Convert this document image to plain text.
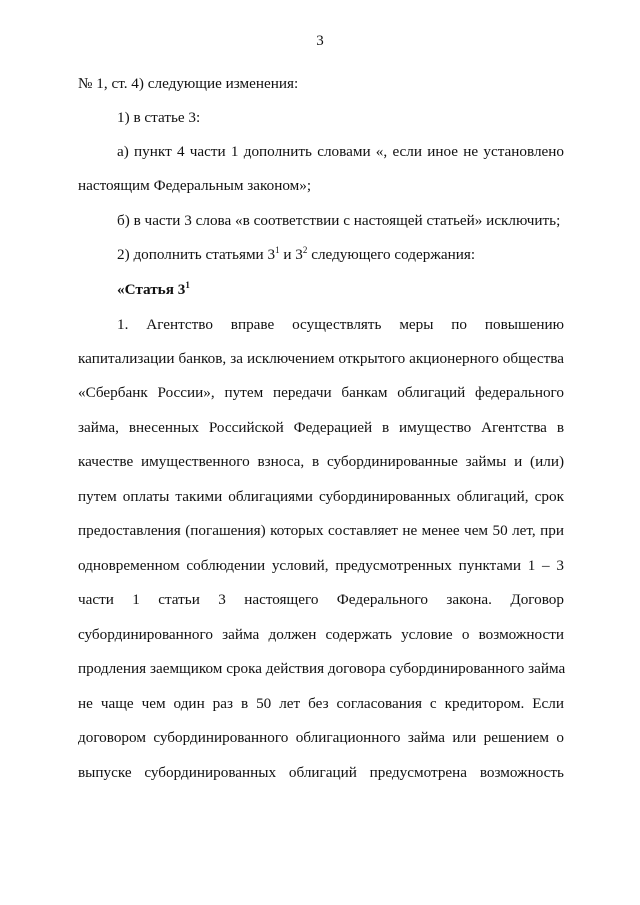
3
№ 1, ст. 4) следующие изменения:
1) в статье 3:
а) пункт 4 части 1 дополнить словами «, если иное не установлено
настоящим Федеральным законом»;
б) в части 3 слова «в соответствии с настоящей статьей» исключить;
2) дополнить статьями $3^1$ и $3^2$ следующего содержания:
«Статья $3^1$
1. Агентство вправе осуществлять меры по повышению
капитализации банков, за исключением открытого акционерного общества
«Сбербанк России», путем передачи банкам облигаций федерального
займа, внесенных Российской Федерацией в имущество Агентства в
качестве имущественного взноса, в субординированные займы и (или)
путем оплаты такими облигациями субординированных облигаций, срок
предоставления (погашения) которых составляет не менее чем 50 лет, при
одновременном соблюдении условий, предусмотренных пунктами 1 – 3
части 1 статьи 3 настоящего Федерального закона. Договор
субординированного займа должен содержать условие о возможности
продления заемщиком срока действия договора субординированного займа
не чаще чем один раз в 50 лет без согласования с кредитором. Если
договором субординированного облигационного займа или решением о
выпуске субординированных облигаций предусмотрена возможность
